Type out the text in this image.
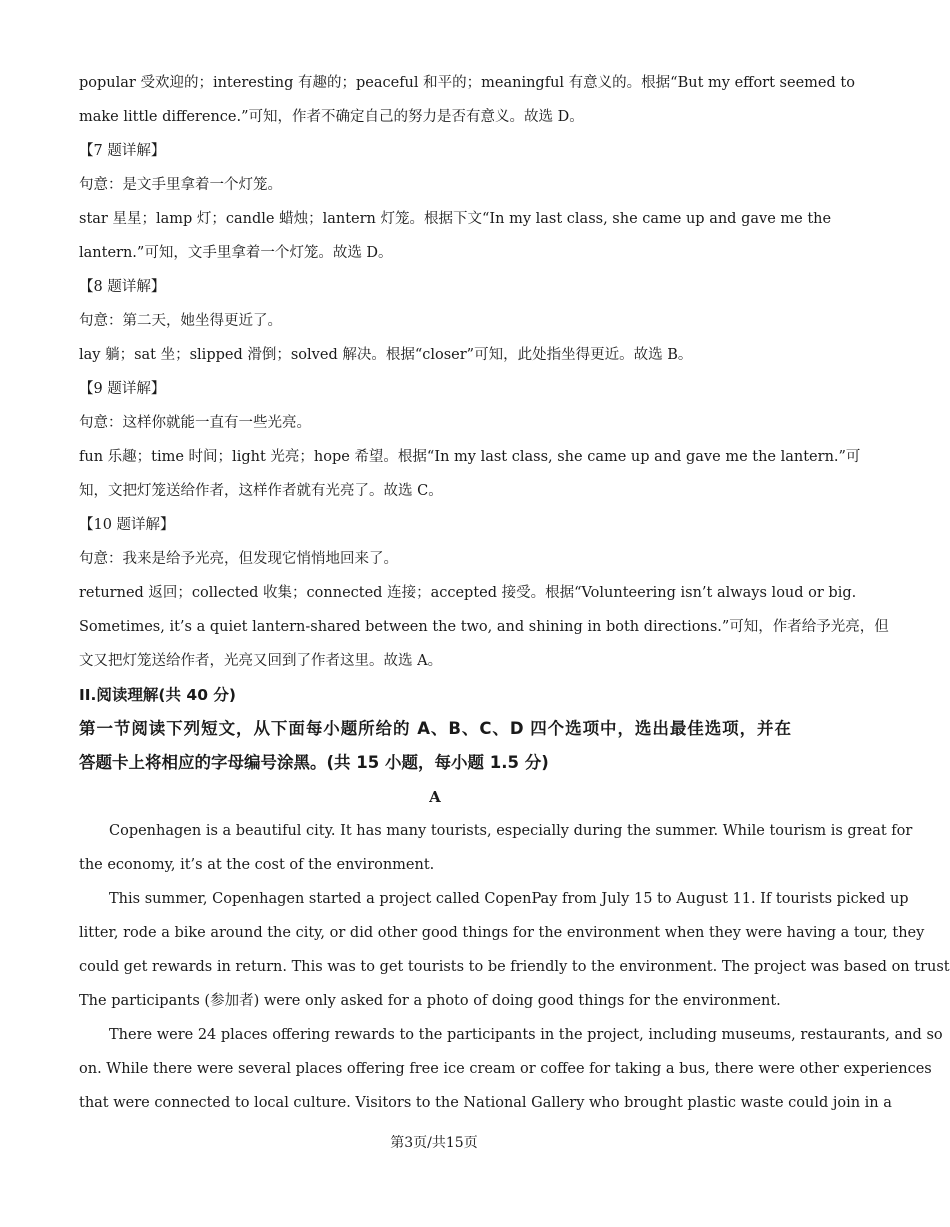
popular 受欢迎的；interesting 有趣的；peaceful 和平的；meaningful 有意义的。根据“But my effort seemed to
make little difference.”可知，作者不确定自己的努力是否有意义。故选 D。
【7 题详解】
句意：是文手里拿着一个灯笼。
star 星星；lamp 灯；candle 蜡烛；lantern 灯笼。根据下文“In my last class, she came up and gave me the
lantern.”可知，文手里拿着一个灯笼。故选 D。
【8 题详解】
句意：第二天，她坐得更近了。
lay 躺；sat 坐；slipped 滑倒；solved 解决。根据“closer”可知，此处指坐得更近。故选 B。
【9 题详解】
句意：这样你就能一直有一些光亮。
fun 乐趣；time 时间；light 光亮；hope 希望。根据“In my last class, she came up and gave me the lantern.”可
知，文把灯笼送给作者，这样作者就有光亮了。故选 C。
【10 题详解】
句意：我来是给予光亮，但发现它悄悄地回来了。
returned 返回；collected 收集；connected 连接；accepted 接受。根据“Volunteering isn’t always loud or big.
Sometimes, it’s a quiet lantern-shared between the two, and shining in both directions.”可知，作者给予光亮，但
文又把灯笼送给作者，光亮又回到了作者这里。故选 A。
II.阅读理解(共 40 分)
第一节阅读下列短文，从下面每小题所给的 A、B、C、D 四个选项中，选出最佳选项，并在
答题卡上将相应的字母编号涂黑。(共 15 小题，每小题 1.5 分)
A
Copenhagen is a beautiful city. It has many tourists, especially during the summer. While tourism is great for
the economy, it’s at the cost of the environment.
This summer, Copenhagen started a project called CopenPay from July 15 to August 11. If tourists picked up
litter, rode a bike around the city, or did other good things for the environment when they were having a tour, they
could get rewards in return. This was to get tourists to be friendly to the environment. The project was based on trust
The participants (参加者) were only asked for a photo of doing good things for the environment.
There were 24 places offering rewards to the participants in the project, including museums, restaurants, and so
on. While there were several places offering free ice cream or coffee for taking a bus, there were other experiences
that were connected to local culture. Visitors to the National Gallery who brought plastic waste could join in a
第3页/共15页
